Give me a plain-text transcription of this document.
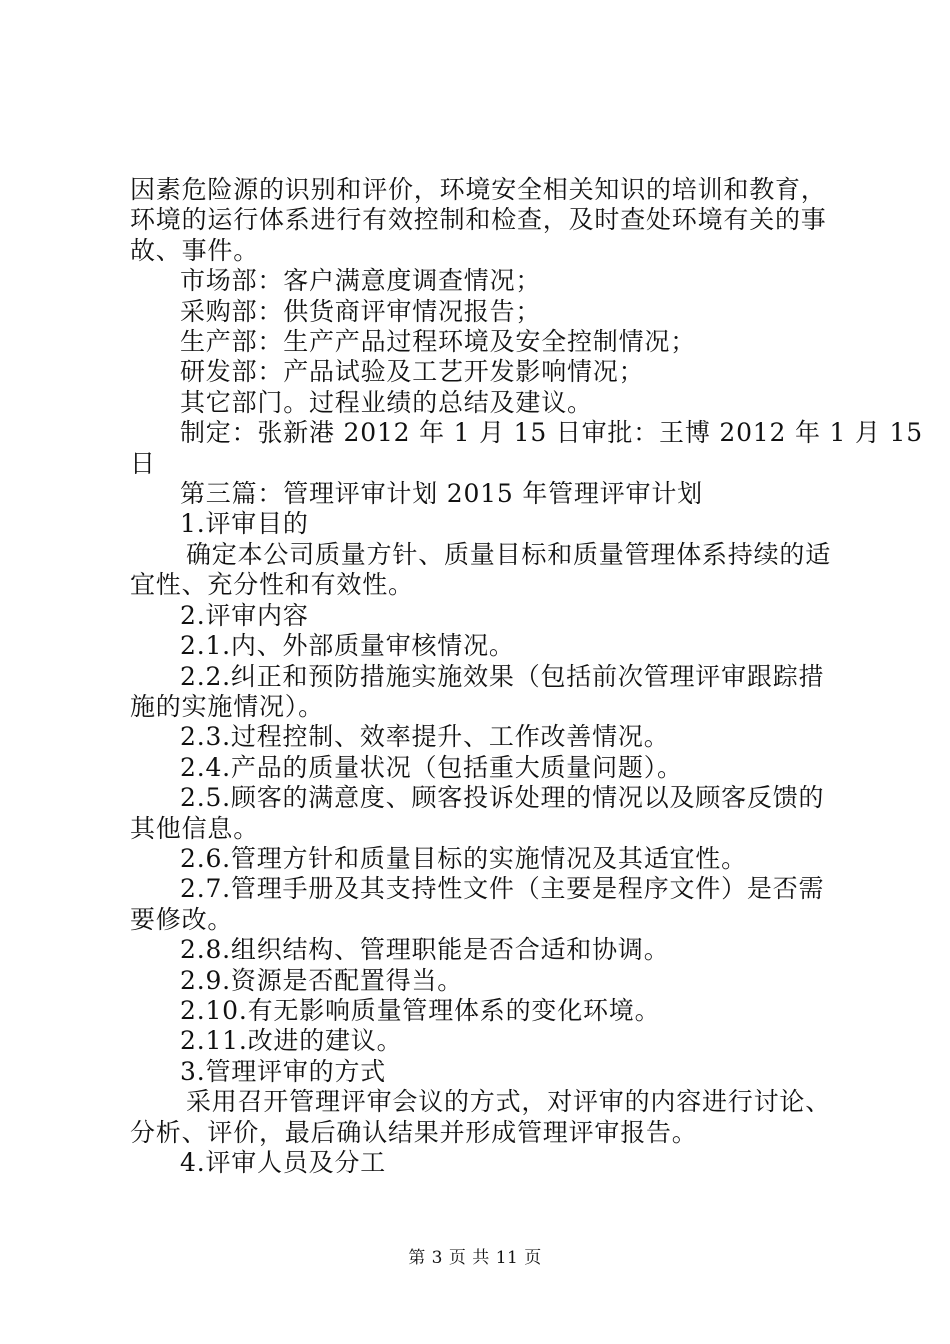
因素危险源的识别和评价，环境安全相关知识的培训和教育，
环境的运行体系进行有效控制和检查，及时查处环境有关的事
故、事件。
市场部：客户满意度调查情况；
采购部：供货商评审情况报告；
生产部：生产产品过程环境及安全控制情况；
研发部：产品试验及工艺开发影响情况；
其它部门。过程业绩的总结及建议。
制定：张新港 2012 年 1 月 15 日审批：王博 2012 年 1 月 15
日
第三篇：管理评审计划 2015 年管理评审计划
1.评审目的
确定本公司质量方针、质量目标和质量管理体系持续的适
宜性、充分性和有效性。
2.评审内容
2.1.内、外部质量审核情况。
2.2.纠正和预防措施实施效果（包括前次管理评审跟踪措
施的实施情况）。
2.3.过程控制、效率提升、工作改善情况。
2.4.产品的质量状况（包括重大质量问题）。
2.5.顾客的满意度、顾客投诉处理的情况以及顾客反馈的
其他信息。
2.6.管理方针和质量目标的实施情况及其适宜性。
2.7.管理手册及其支持性文件（主要是程序文件）是否需
要修改。
2.8.组织结构、管理职能是否合适和协调。
2.9.资源是否配置得当。
2.10.有无影响质量管理体系的变化环境。
2.11.改进的建议。
3.管理评审的方式
采用召开管理评审会议的方式，对评审的内容进行讨论、
分析、评价，最后确认结果并形成管理评审报告。
4.评审人员及分工
第 3 页 共 11 页
